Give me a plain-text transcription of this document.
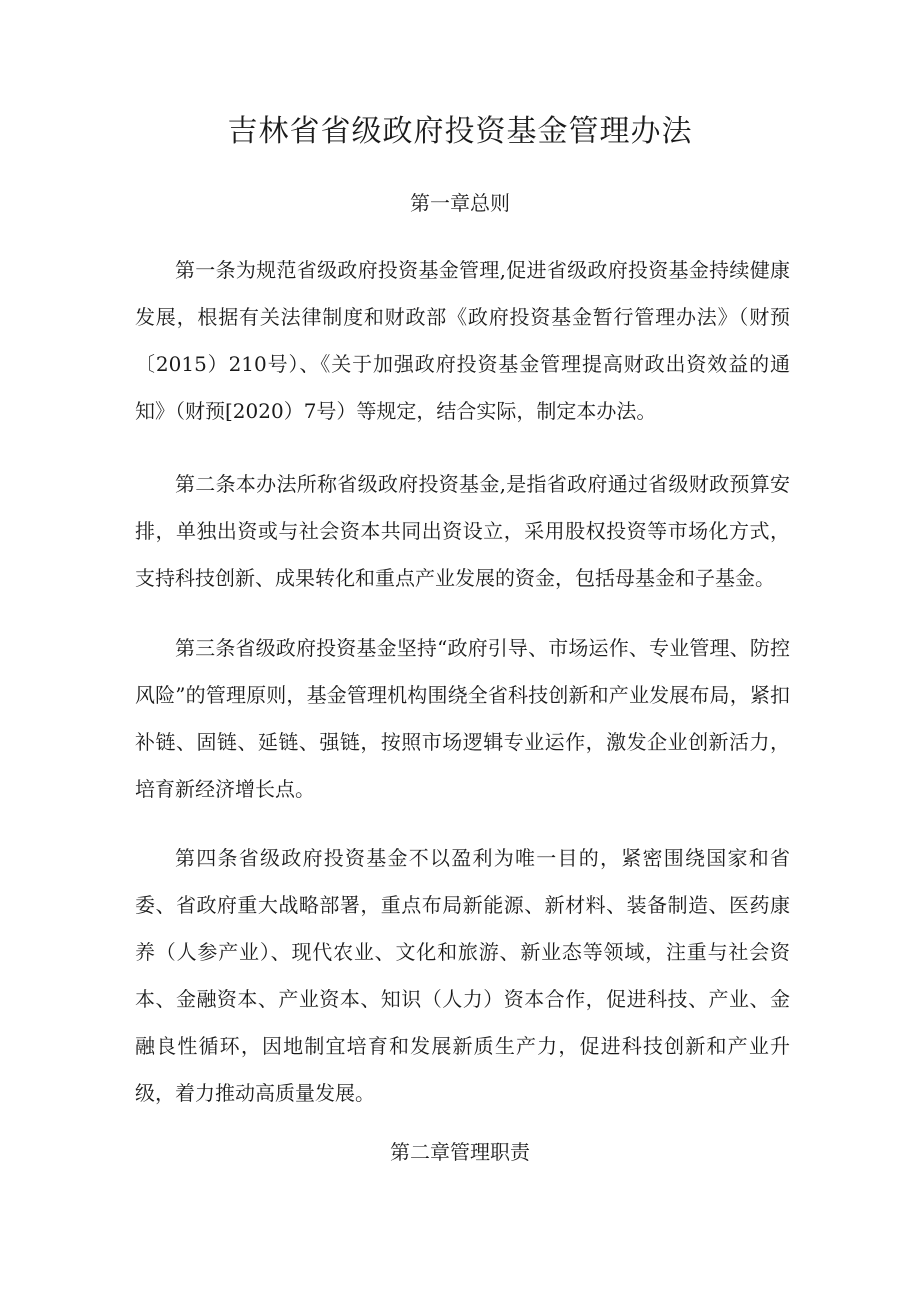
吉林省省级政府投资基金管理办法
第一章总则

第一条为规范省级政府投资基金管理,促进省级政府投资基金持续健康发展，根据有关法律制度和财政部《政府投资基金暂行管理办法》（财预〔2015）210号）、《关于加强政府投资基金管理提高财政出资效益的通知》（财预[2020）7号）等规定，结合实际，制定本办法。

第二条本办法所称省级政府投资基金,是指省政府通过省级财政预算安排，单独出资或与社会资本共同出资设立，采用股权投资等市场化方式，支持科技创新、成果转化和重点产业发展的资金，包括母基金和子基金。

第三条省级政府投资基金坚持“政府引导、市场运作、专业管理、防控风险”的管理原则，基金管理机构围绕全省科技创新和产业发展布局，紧扣补链、固链、延链、强链，按照市场逻辑专业运作，激发企业创新活力，培育新经济增长点。

第四条省级政府投资基金不以盈利为唯一目的，紧密围绕国家和省委、省政府重大战略部署，重点布局新能源、新材料、装备制造、医药康养（人参产业）、现代农业、文化和旅游、新业态等领域，注重与社会资本、金融资本、产业资本、知识（人力）资本合作，促进科技、产业、金融良性循环，因地制宜培育和发展新质生产力，促进科技创新和产业升级，着力推动高质量发展。

第二章管理职责
